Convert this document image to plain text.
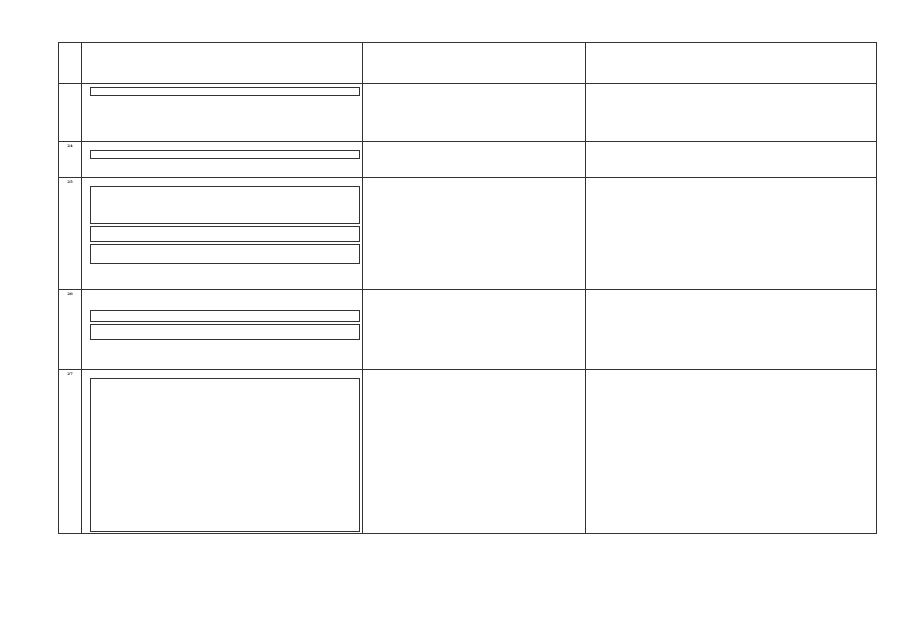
24	

25	

26	

27	
